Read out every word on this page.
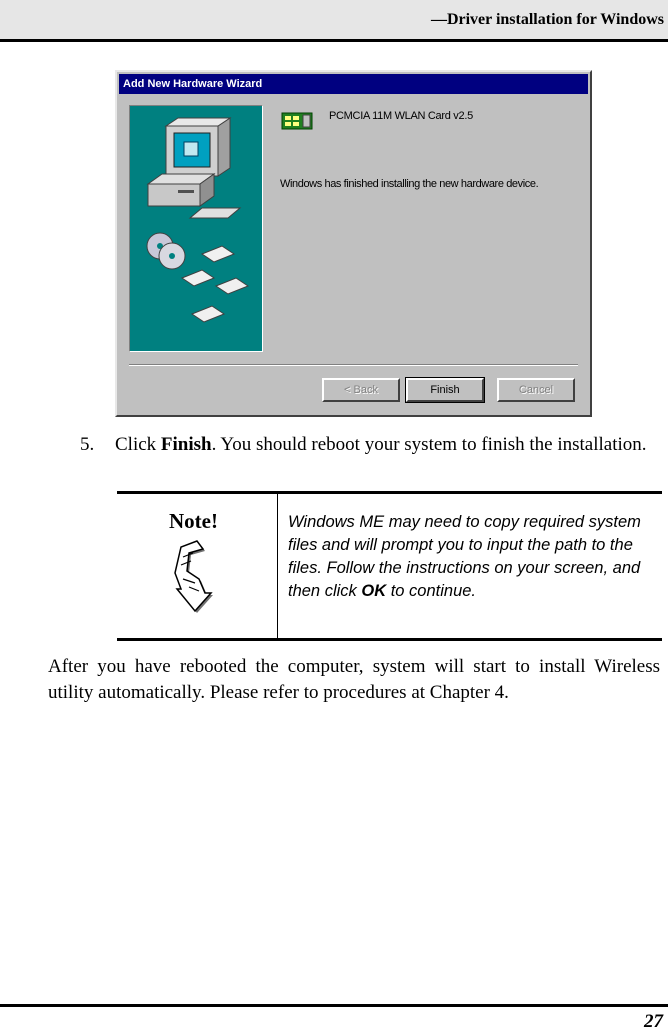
—Driver installation for Windows
Add New Hardware Wizard
PCMCIA 11M WLAN Card v2.5
Windows has finished installing the new hardware device.
< Back	Finish	Cancel
5. Click Finish. You should reboot your system to finish the installation.
Note!	Windows ME may need to copy required system files and will prompt you to input the path to the files. Follow the instructions on your screen, and then click OK to continue.
After you have rebooted the computer, system will start to install Wireless utility automatically. Please refer to procedures at Chapter 4.
27
